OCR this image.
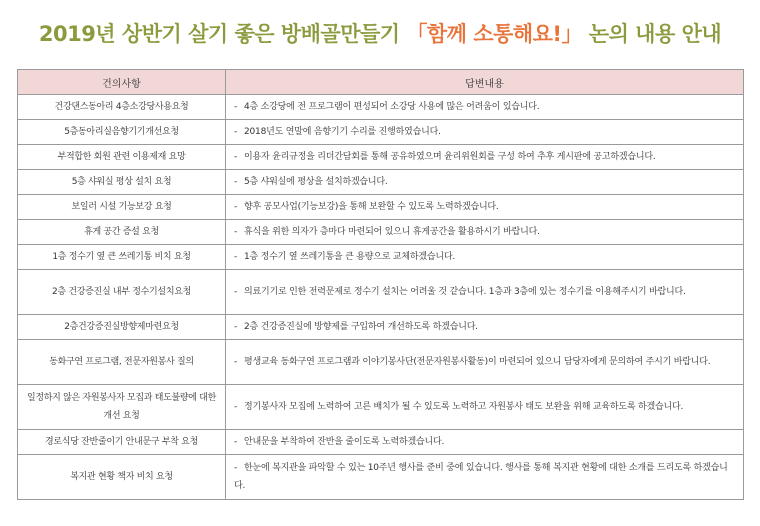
2019년 상반기 살기 좋은 방배골만들기 「함께 소통해요!」 논의 내용 안내
건의사항	답변내용
건강댄스동아리 4층소강당사용요청	- 4층 소강당에 전 프로그램이 편성되어 소강당 사용에 많은 어려움이 있습니다.
5층동아리실음향기기개선요청	- 2018년도 연말에 음향기기 수리를 진행하였습니다.
부적합한 회원 관련 이용제재 요망	- 이용자 윤리규정을 리더간담회를 통해 공유하였으며 윤리위원회를 구성 하여 추후 게시판에 공고하겠습니다.
5층 샤워실 평상 설치 요청	- 5층 샤워실에 평상을 설치하겠습니다.
보일러 시설 기능보강 요청	- 향후 공모사업(기능보강)을 통해 보완할 수 있도록 노력하겠습니다.
휴게 공간 증설 요청	- 휴식을 위한 의자가 층마다 마련되어 있으니 휴게공간을 활용하시기 바랍니다.
1층 정수기 옆 큰 쓰레기통 비치 요청	- 1층 정수기 옆 쓰레기통을 큰 용량으로 교체하겠습니다.
2층 건강증진실 내부 정수기설치요청	- 의료기기로 인한 전력문제로 정수기 설치는 어려울 것 같습니다. 1층과 3층에 있는 정수기를 이용해주시기 바랍니다.
2층건강증진실방향제마련요청	- 2층 건강증진실에 방향제를 구입하여 개선하도록 하겠습니다.
동화구연 프로그램, 전문자원봉사 질의	- 평생교육 동화구연 프로그램과 이야기봉사단(전문자원봉사활동)이 마련되어 있으니 담당자에게 문의하여 주시기 바랍니다.
일정하지 않은 자원봉사자 모집과 태도불량에 대한 개선 요청	- 정기봉사자 모집에 노력하여 고른 배치가 될 수 있도록 노력하고 자원봉사 태도 보완을 위해 교육하도록 하겠습니다.
경로식당 잔반줄이기 안내문구 부착 요청	- 안내문을 부착하여 잔반을 줄이도록 노력하겠습니다.
복지관 현황 책자 비치 요청	- 한눈에 복지관을 파악할 수 있는 10주년 행사를 준비 중에 있습니다. 행사를 통해 복지관 현황에 대한 소개를 드리도록 하겠습니다.
